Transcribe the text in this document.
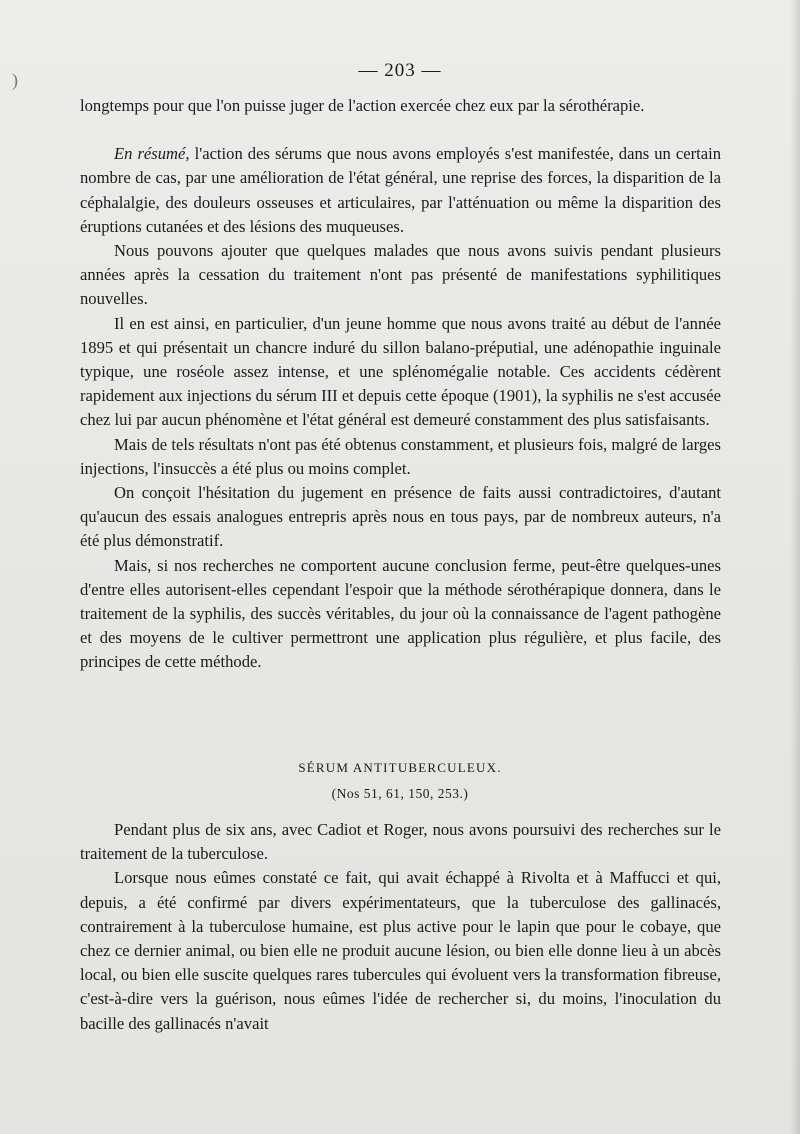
)	— 203 —

longtemps pour que l'on puisse juger de l'action exercée chez eux par la sérothérapie.

En résumé, l'action des sérums que nous avons employés s'est manifestée, dans un certain nombre de cas, par une amélioration de l'état général, une reprise des forces, la disparition de la céphalalgie, des douleurs osseuses et articulaires, par l'atténuation ou même la disparition des éruptions cutanées et des lésions des muqueuses.

Nous pouvons ajouter que quelques malades que nous avons suivis pendant plusieurs années après la cessation du traitement n'ont pas présenté de manifestations syphilitiques nouvelles.

Il en est ainsi, en particulier, d'un jeune homme que nous avons traité au début de l'année 1895 et qui présentait un chancre induré du sillon balano-préputial, une adénopathie inguinale typique, une roséole assez intense, et une splénomégalie notable. Ces accidents cédèrent rapidement aux injections du sérum III et depuis cette époque (1901), la syphilis ne s'est accusée chez lui par aucun phénomène et l'état général est demeuré constamment des plus satisfaisants.

Mais de tels résultats n'ont pas été obtenus constamment, et plusieurs fois, malgré de larges injections, l'insuccès a été plus ou moins complet.

On conçoit l'hésitation du jugement en présence de faits aussi contradictoires, d'autant qu'aucun des essais analogues entrepris après nous en tous pays, par de nombreux auteurs, n'a été plus démonstratif.

Mais, si nos recherches ne comportent aucune conclusion ferme, peut-être quelques-unes d'entre elles autorisent-elles cependant l'espoir que la méthode sérothérapique donnera, dans le traitement de la syphilis, des succès véritables, du jour où la connaissance de l'agent pathogène et des moyens de le cultiver permettront une application plus régulière, et plus facile, des principes de cette méthode.

SÉRUM ANTITUBERCULEUX.
(Nos 51, 61, 150, 253.)

Pendant plus de six ans, avec Cadiot et Roger, nous avons poursuivi des recherches sur le traitement de la tuberculose.

Lorsque nous eûmes constaté ce fait, qui avait échappé à Rivolta et à Maffucci et qui, depuis, a été confirmé par divers expérimentateurs, que la tuberculose des gallinacés, contrairement à la tuberculose humaine, est plus active pour le lapin que pour le cobaye, que chez ce dernier animal, ou bien elle ne produit aucune lésion, ou bien elle donne lieu à un abcès local, ou bien elle suscite quelques rares tubercules qui évoluent vers la transformation fibreuse, c'est-à-dire vers la guérison, nous eûmes l'idée de rechercher si, du moins, l'inoculation du bacille des gallinacés n'avait
